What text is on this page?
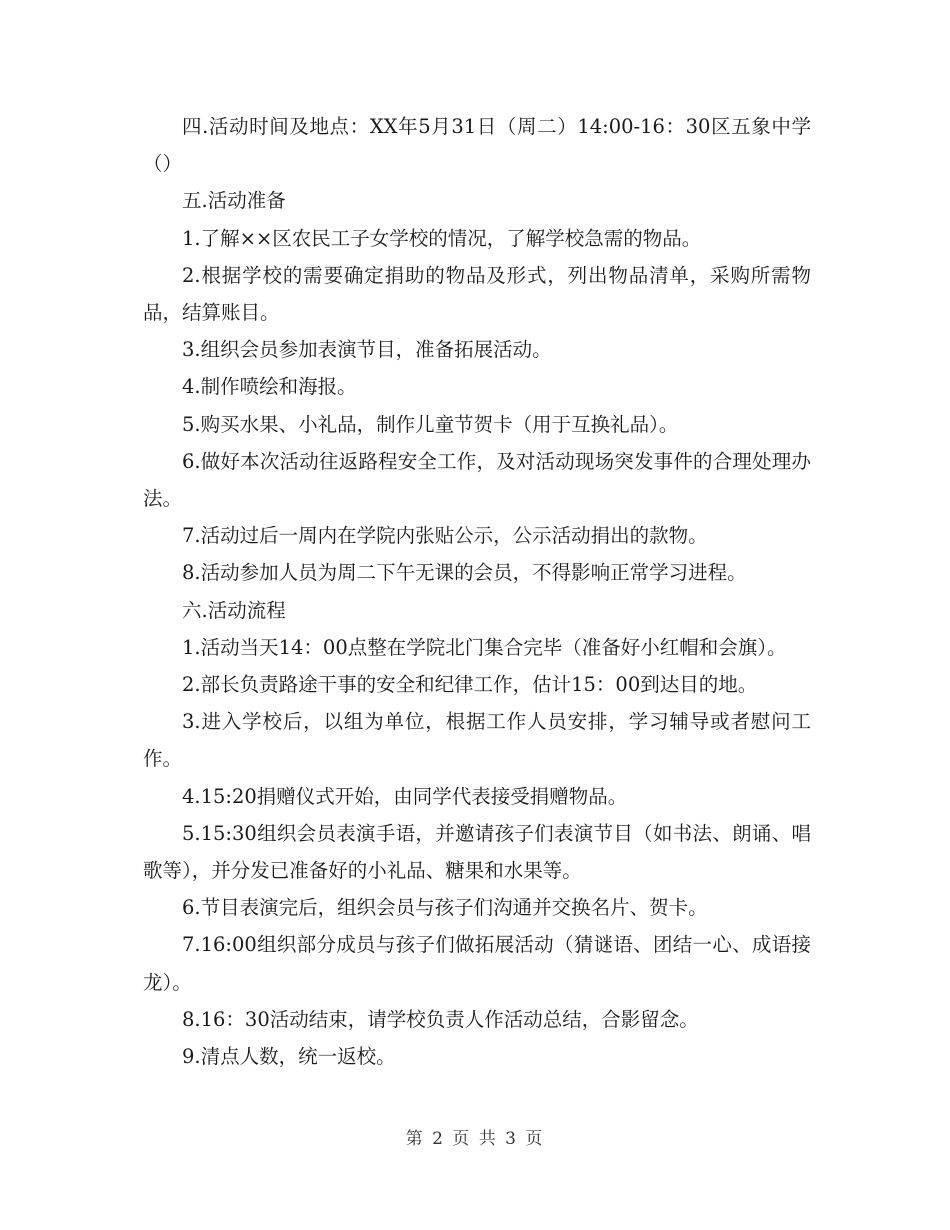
四.活动时间及地点：XX年5月31日（周二）14:00-16：30区五象中学（）

五.活动准备

1.了解××区农民工子女学校的情况，了解学校急需的物品。

2.根据学校的需要确定捐助的物品及形式，列出物品清单，采购所需物品，结算账目。

3.组织会员参加表演节目，准备拓展活动。

4.制作喷绘和海报。

5.购买水果、小礼品，制作儿童节贺卡（用于互换礼品）。

6.做好本次活动往返路程安全工作，及对活动现场突发事件的合理处理办法。

7.活动过后一周内在学院内张贴公示，公示活动捐出的款物。

8.活动参加人员为周二下午无课的会员，不得影响正常学习进程。

六.活动流程

1.活动当天14：00点整在学院北门集合完毕（准备好小红帽和会旗）。

2.部长负责路途干事的安全和纪律工作，估计15：00到达目的地。

3.进入学校后，以组为单位，根据工作人员安排，学习辅导或者慰问工作。

4.15:20捐赠仪式开始，由同学代表接受捐赠物品。

5.15:30组织会员表演手语，并邀请孩子们表演节目（如书法、朗诵、唱歌等），并分发已准备好的小礼品、糖果和水果等。

6.节目表演完后，组织会员与孩子们沟通并交换名片、贺卡。

7.16:00组织部分成员与孩子们做拓展活动（猜谜语、团结一心、成语接龙）。

8.16：30活动结束，请学校负责人作活动总结，合影留念。

9.清点人数，统一返校。

第 2 页 共 3 页
